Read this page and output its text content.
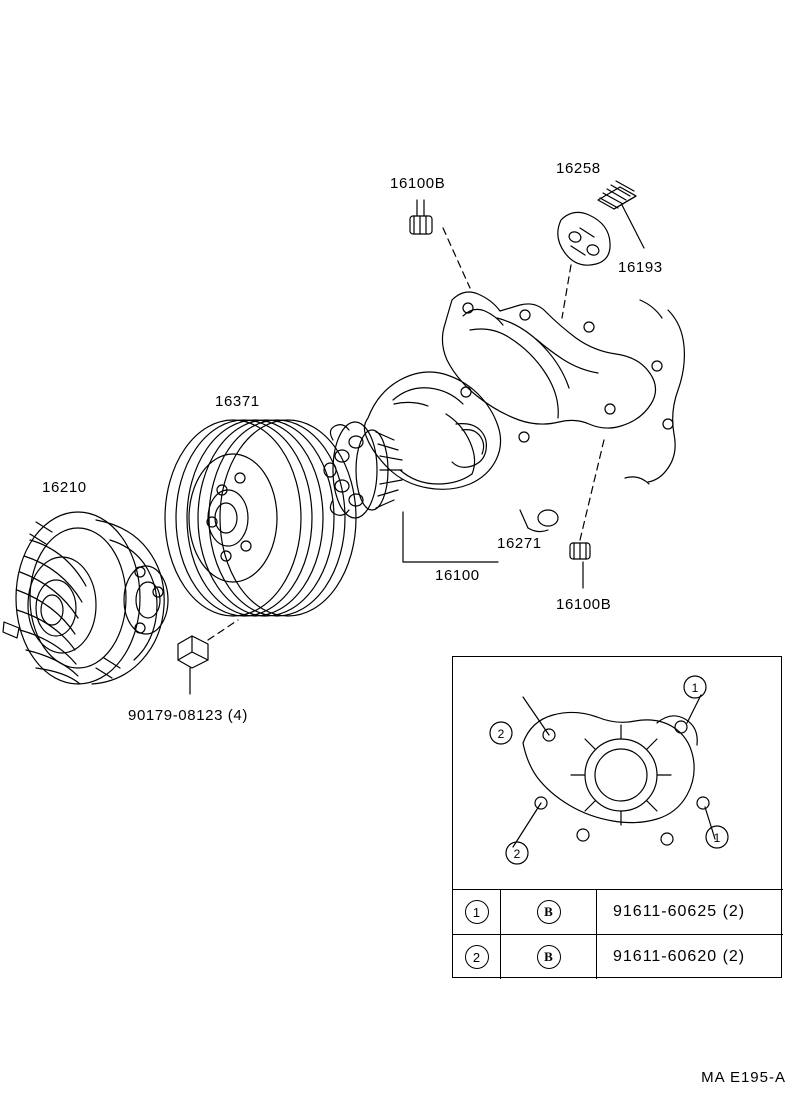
16100B
16258
16193
16371
16210
16271
16100
16100B
90179-08123 (4)
1
2
1
2
1	B	91611-60625 (2)
2	B	91611-60620 (2)
MA E195-A
